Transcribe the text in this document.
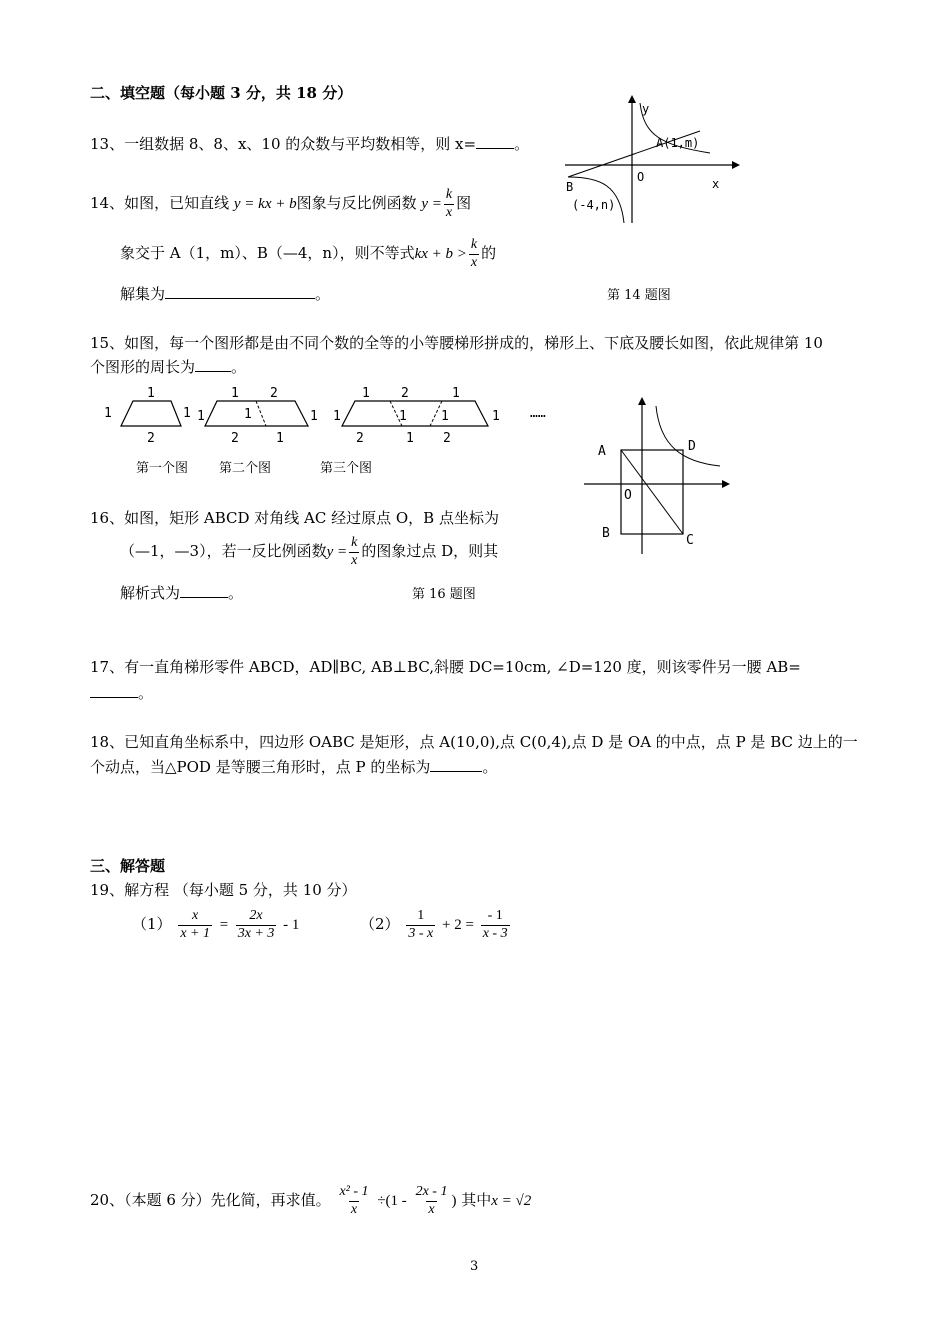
二、填空题（每小题 3 分，共 18 分）
13、一组数据 8、8、x、10 的众数与平均数相等，则 x=	。
14、如图，已知直线 y = kx + b图象与反比例函数 $y = \frac{k}{x}$ 图
象交于 A（1，m）、B（—4，n），则不等式kx + $b > \frac{k}{x}$ 的
解集为	。	第 14 题图
y
x
O
A(1,m)
B
(-4,n)
15、如图，每一个图形都是由不同个数的全等的小等腰梯形拼成的，梯形上、下底及腰长如图，依此规律第 10
个图形的周长为 。
1
1	1
2
1 2
1	1
1
2	1
1 2	1
1	1
1	1
2	1 2
……
第一个图 第二个图	第三个图
A	D
O
B	C
16、如图，矩形 ABCD 对角线 AC 经过原点 O，B 点坐标为
（—1，—3），若一反比例函数$y = \frac{k}{x}$ 的图象过点 D，则其
解析式为	。	第 16 题图
17、有一直角梯形零件 ABCD，AD∥BC, AB⊥BC,斜腰 DC=10cm, ∠D=120 度，则该零件另一腰 AB=
。
18、已知直角坐标系中，四边形 OABC 是矩形，点 A(10,0),点 C(0,4),点 D 是 OA 的中点，点 P 是 BC 边上的一
个动点，当△POD 是等腰三角形时，点 P 的坐标为	。
三、解答题
19、解方程 （每小题 5 分，共 10 分）
$(1) \frac{x}{x + 1} = \frac{2x}{3x + 3} - 1$	$(2) \frac{1}{3 - x} + 2 = \frac{- 1}{x - 3}$
20、（本题 6 分）先化简，再求值。 $\frac{\text{x² - 1}}{x} \div(1 - \frac{2x - 1}{x}$ ) 其中x = √2
3
